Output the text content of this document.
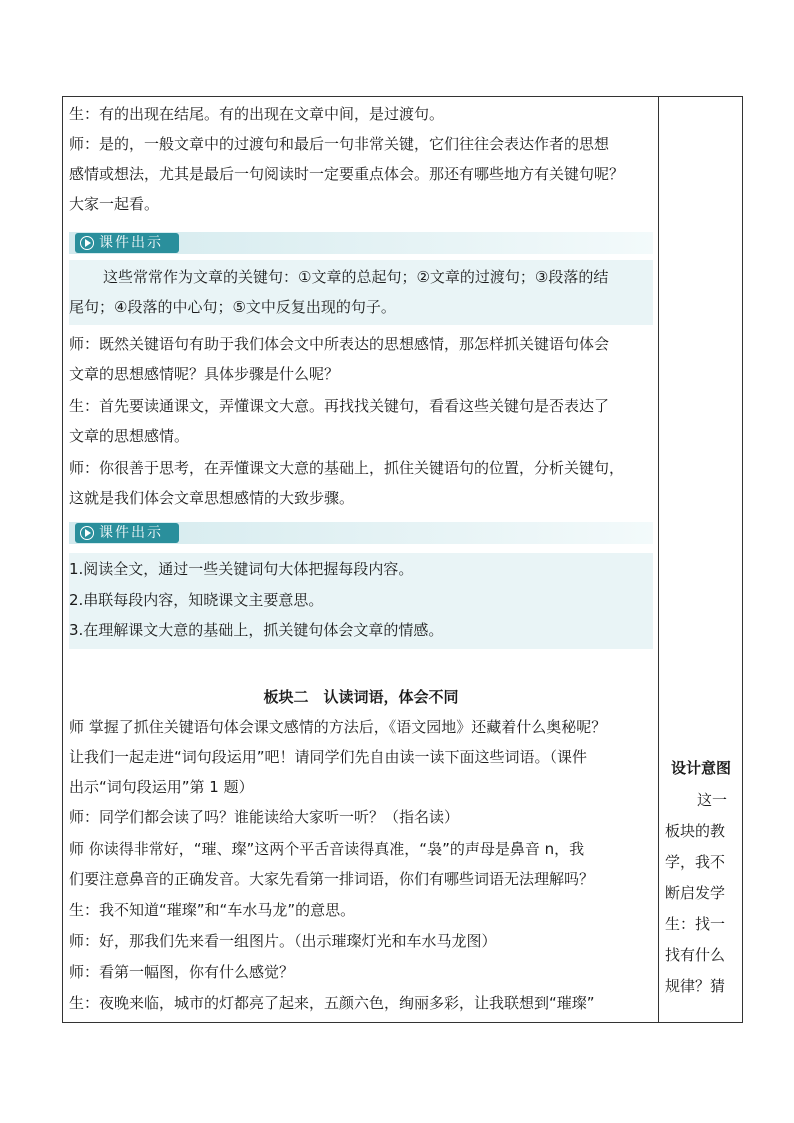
生：有的出现在结尾。有的出现在文章中间，是过渡句。
师：是的，一般文章中的过渡句和最后一句非常关键，它们往往会表达作者的思想
感情或想法，尤其是最后一句阅读时一定要重点体会。那还有哪些地方有关键句呢？
大家一起看。
课件出示
这些常常作为文章的关键句：①文章的总起句；②文章的过渡句；③段落的结
尾句；④段落的中心句；⑤文中反复出现的句子。
师：既然关键语句有助于我们体会文中所表达的思想感情，那怎样抓关键语句体会
文章的思想感情呢？具体步骤是什么呢？
生：首先要读通课文，弄懂课文大意。再找找关键句，看看这些关键句是否表达了
文章的思想感情。
师：你很善于思考，在弄懂课文大意的基础上，抓住关键语句的位置，分析关键句，
这就是我们体会文章思想感情的大致步骤。
课件出示
1.阅读全文，通过一些关键词句大体把握每段内容。
2.串联每段内容，知晓课文主要意思。
3.在理解课文大意的基础上，抓关键句体会文章的情感。
板块二　认读词语，体会不同
师 掌握了抓住关键语句体会课文感情的方法后，《语文园地》还藏着什么奥秘呢？
让我们一起走进“词句段运用”吧！请同学们先自由读一读下面这些词语。（课件
出示“词句段运用”第 1 题）
师：同学们都会读了吗？谁能读给大家听一听？（指名读）
师 你读得非常好，“璀、璨”这两个平舌音读得真准，“袅”的声母是鼻音 n，我
们要注意鼻音的正确发音。大家先看第一排词语，你们有哪些词语无法理解吗？
生：我不知道“璀璨”和“车水马龙”的意思。
师：好，那我们先来看一组图片。（出示璀璨灯光和车水马龙图）
师：看第一幅图，你有什么感觉？
生：夜晚来临，城市的灯都亮了起来，五颜六色，绚丽多彩，让我联想到“璀璨”
设计意图
这一
板块的教
学，我不
断启发学
生：找一
找有什么
规律？猜
